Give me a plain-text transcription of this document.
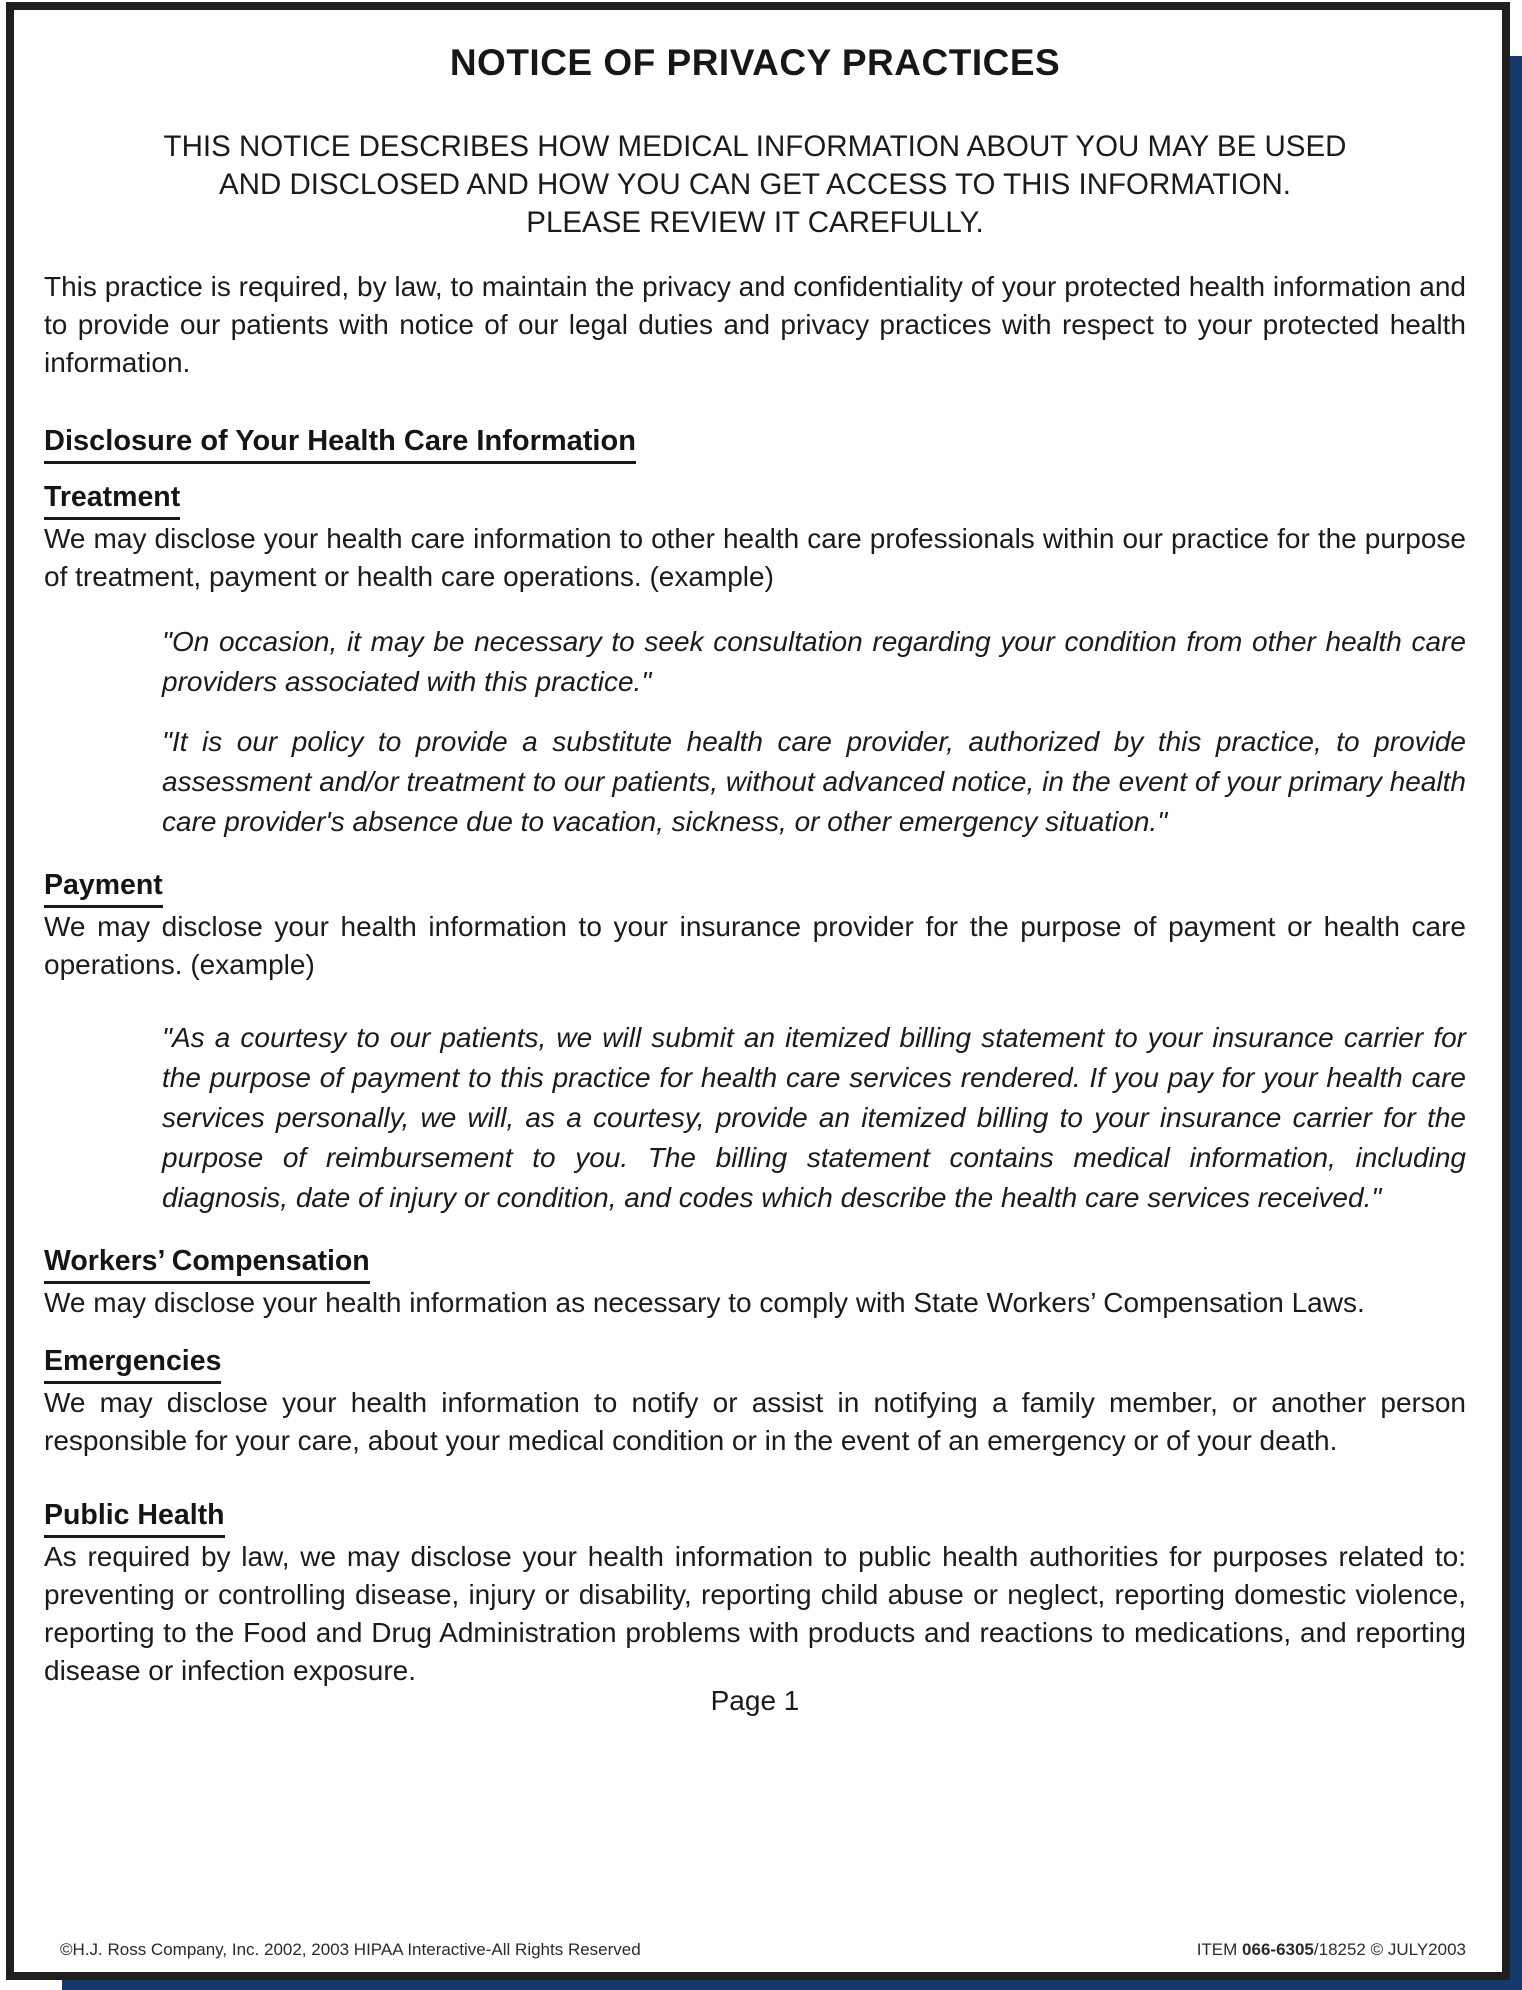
NOTICE OF PRIVACY PRACTICES
THIS NOTICE DESCRIBES HOW MEDICAL INFORMATION ABOUT YOU MAY BE USED
AND DISCLOSED AND HOW YOU CAN GET ACCESS TO THIS INFORMATION.
PLEASE REVIEW IT CAREFULLY.

This practice is required, by law, to maintain the privacy and confidentiality of your protected health information and to provide our patients with notice of our legal duties and privacy practices with respect to your protected health information.

Disclosure of Your Health Care Information
Treatment

We may disclose your health care information to other health care professionals within our practice for the purpose of treatment, payment or health care operations. (example)

"On occasion, it may be necessary to seek consultation regarding your condition from other health care providers associated with this practice."
"It is our policy to provide a substitute health care provider, authorized by this practice, to provide assessment and/or treatment to our patients, without advanced notice, in the event of your primary health care provider's absence due to vacation, sickness, or other emergency situation."
Payment

We may disclose your health information to your insurance provider for the purpose of payment or health care operations. (example)

"As a courtesy to our patients, we will submit an itemized billing statement to your insurance carrier for the purpose of payment to this practice for health care services rendered. If you pay for your health care services personally, we will, as a courtesy, provide an itemized billing to your insurance carrier for the purpose of reimbursement to you. The billing statement contains medical information, including diagnosis, date of injury or condition, and codes which describe the health care services received."
Workers’ Compensation

We may disclose your health information as necessary to comply with State Workers’ Compensation Laws.

Emergencies

We may disclose your health information to notify or assist in notifying a family member, or another person responsible for your care, about your medical condition or in the event of an emergency or of your death.

Public Health

As required by law, we may disclose your health information to public health authorities for purposes related to: preventing or controlling disease, injury or disability, reporting child abuse or neglect, reporting domestic violence, reporting to the Food and Drug Administration problems with products and reactions to medications, and reporting disease or infection exposure.

Page 1
©H.J. Ross Company, Inc. 2002, 2003 HIPAA Interactive-All Rights Reserved	ITEM 066-6305/18252 © JULY2003
